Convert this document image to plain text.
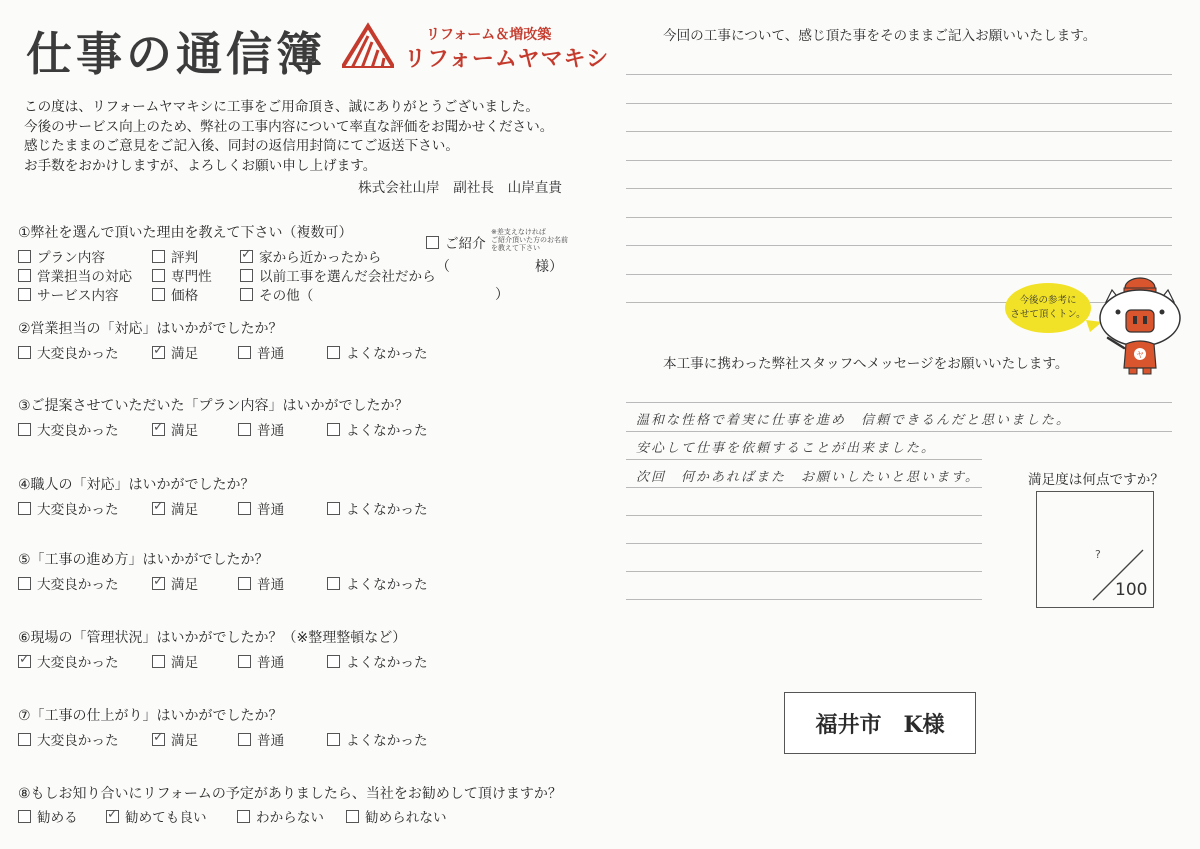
仕事の通信簿	リフォーム＆増改築
リフォームヤマキシ
この度は、リフォームヤマキシに工事をご用命頂き、誠にありがとうございました。
今後のサービス向上のため、弊社の工事内容について率直な評価をお聞かせください。
感じたままのご意見をご記入後、同封の返信用封筒にてご返送下さい。
お手数をおかけしますが、よろしくお願い申し上げます。
株式会社山岸　副社長　山岸直貴
①弊社を選んで頂いた理由を教えて下さい（複数可）
プラン内容	評判 ✓	家から近かったから
営業担当の対応	専門性	以前工事を選んだ会社だから
サービス内容	価格	その他（	）
ご紹介
※差支えなければ
ご紹介頂いた方のお名前
を教えて下さい
（	様）
②営業担当の「対応」はいかがでしたか？
大変良かった ✓	満足	普通	よくなかった
③ご提案させていただいた「プラン内容」はいかがでしたか？
大変良かった ✓	満足	普通	よくなかった
④職人の「対応」はいかがでしたか？
大変良かった ✓	満足	普通	よくなかった
⑤「工事の進め方」はいかがでしたか？
大変良かった ✓	満足	普通	よくなかった
⑥現場の「管理状況」はいかがでしたか？（※整理整頓など）
✓
大変良かった	満足	普通	よくなかった
⑦「工事の仕上がり」はいかがでしたか？
大変良かった ✓	満足	普通	よくなかった
⑧もしお知り合いにリフォームの予定がありましたら、当社をお勧めして頂けますか？
勧める ✓	勧めても良い	わからない	勧められない
今回の工事について、感じ頂た事をそのままご記入お願いいたします。
今後の参考に
させて頂くトン。
ヤ
本工事に携わった弊社スタッフへメッセージをお願いいたします。
温和な性格で着実に仕事を進め　信頼できるんだと思いました。
安心して仕事を依頼することが出来ました。
次回　何かあればまた　お願いしたいと思います。	満足度は何点ですか？
?
100
福井市　K様
